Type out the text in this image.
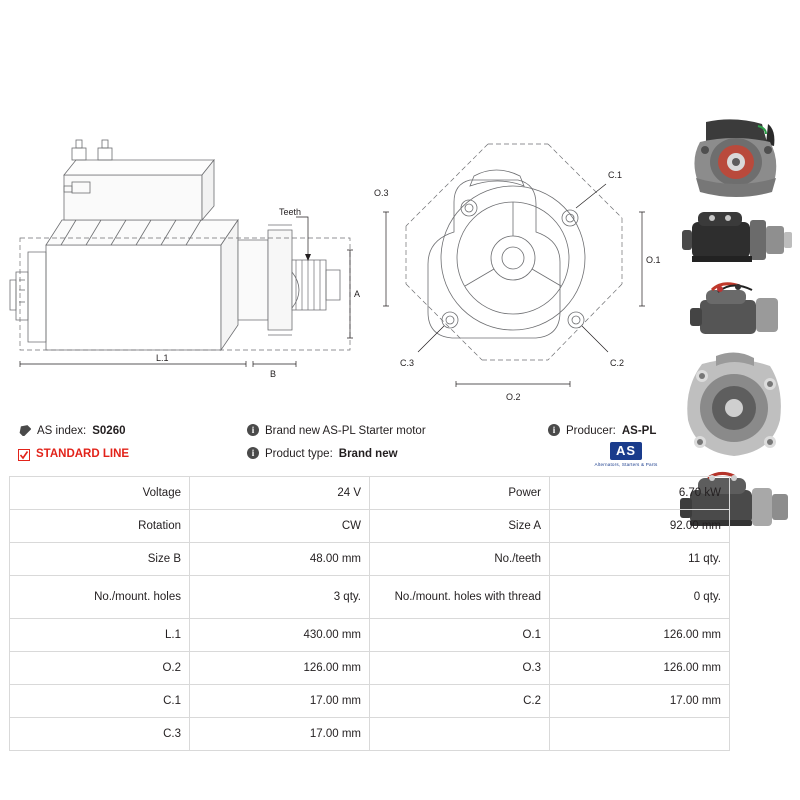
L.1
B
A
Teeth
O.3
O.1
O.2
C.1
C.2
C.3
AS index: S0260
STANDARD LINE
i Brand new AS-PL Starter motor
i Product type: Brand new
i Producer: AS-PL
AS
Alternators, Starters & Parts
Voltage	24 V	Power	6.70 kW
Rotation	CW	Size A	92.00 mm
Size B	48.00 mm	No./teeth	11 qty.
No./mount. holes	3 qty.	No./mount. holes with thread	0 qty.
L.1	430.00 mm	O.1	126.00 mm
O.2	126.00 mm	O.3	126.00 mm
C.1	17.00 mm	C.2	17.00 mm
C.3	17.00 mm		
